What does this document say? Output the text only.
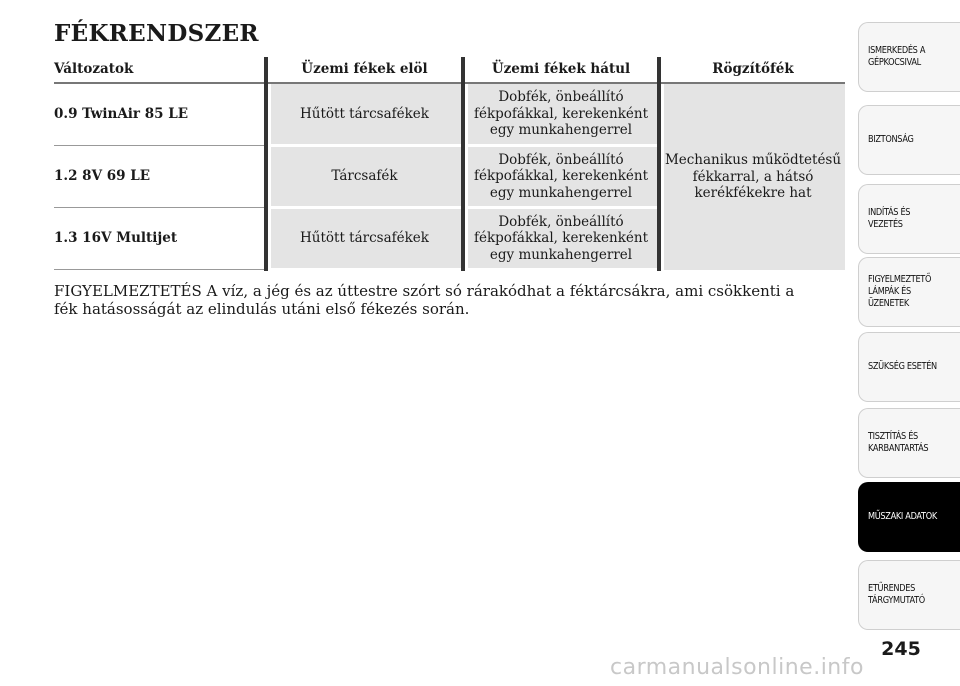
FÉKRENDSZER
Változatok	Üzemi fékek elöl	Üzemi fékek hátul	Rögzítőfék
0.9 TwinAir 85 LE	Hűtött tárcsafékek	Dobfék, önbeállító fékpofákkal, kerekenként egy munkahengerrel	Mechanikus működtetésű fékkarral, a hátsó kerékfékekre hat
1.2 8V 69 LE	Tárcsafék	Dobfék, önbeállító fékpofákkal, kerekenként egy munkahengerrel	
1.3 16V Multijet	Hűtött tárcsafékek	Dobfék, önbeállító fékpofákkal, kerekenként egy munkahengerrel	
FIGYELMEZTETÉS A víz, a jég és az úttestre szórt só rárakódhat a féktárcsákra, ami csökkenti a fék hatásosságát az elindulás utáni első fékezés során.
ISMERKEDÉS A
GÉPKOCSIVAL
BIZTONSÁG
INDÍTÁS ÉS
VEZETÉS
FIGYELMEZTETŐ
LÁMPÁK ÉS
ÜZENETEK
SZÜKSÉG ESETÉN
TISZTÍTÁS ÉS
KARBANTARTÁS
MŰSZAKI ADATOK
ETŰRENDES
TÁRGYMUTATÓ
245
carmanualsonline.info
